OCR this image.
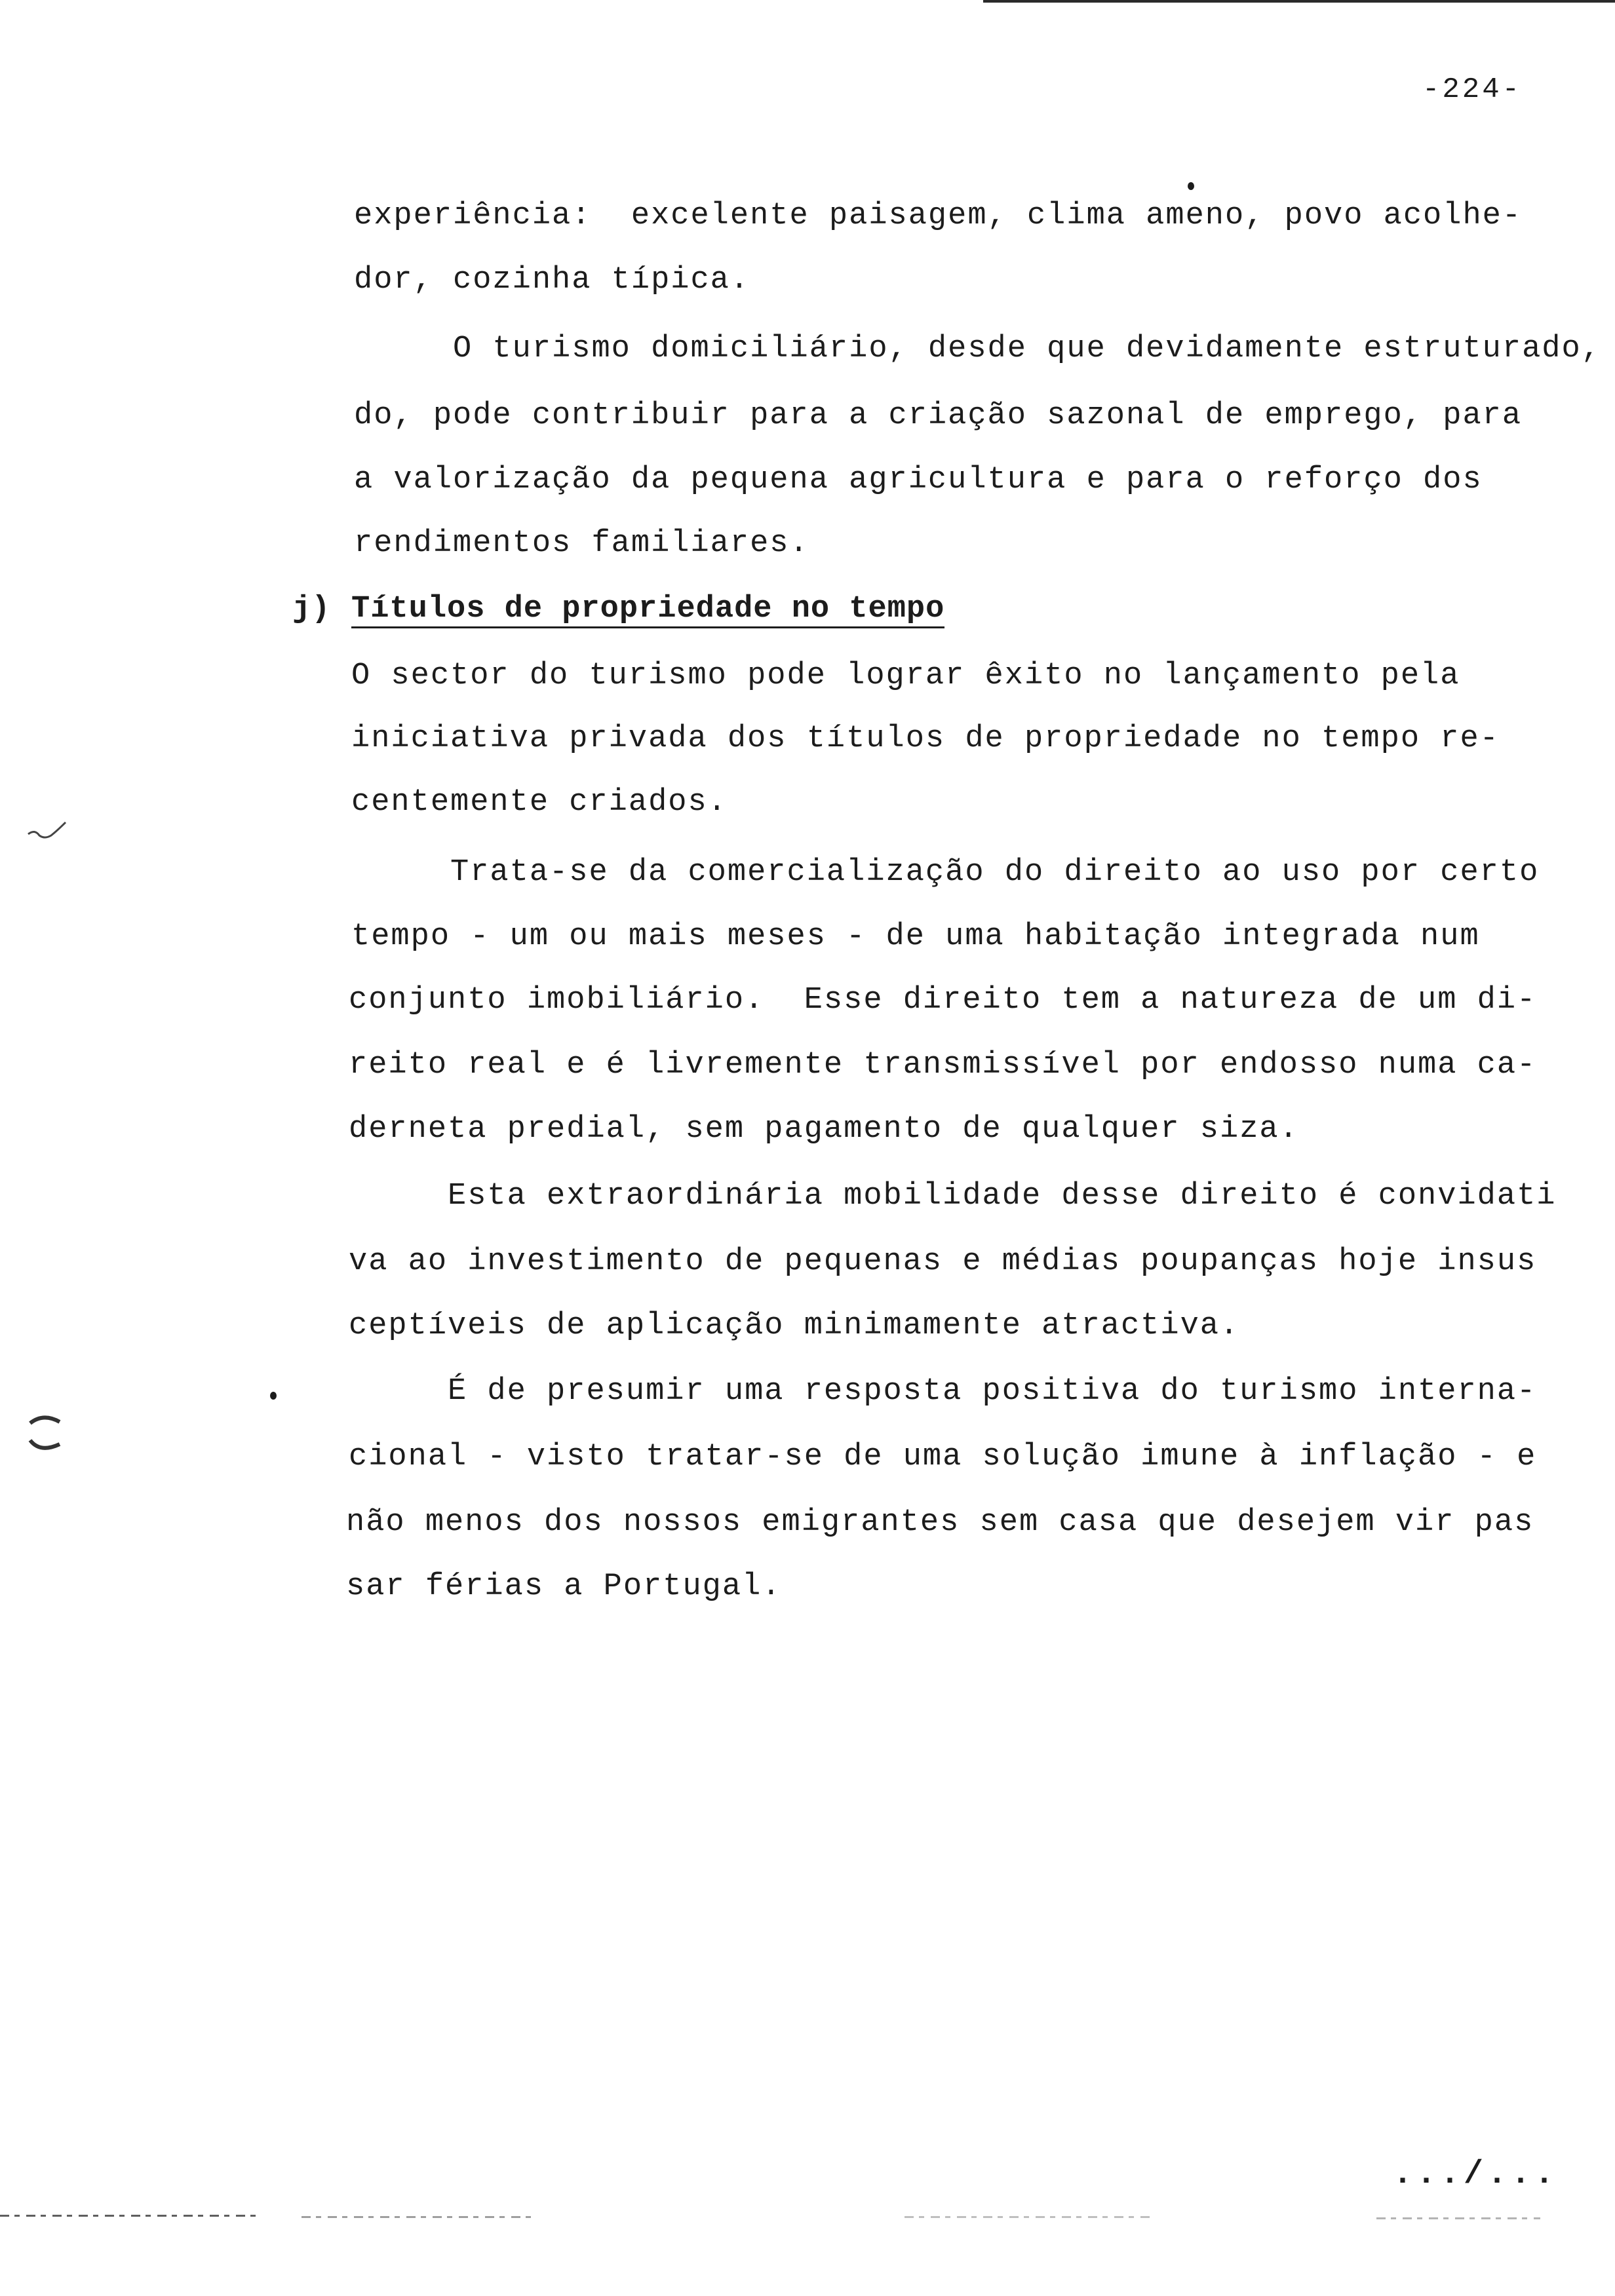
-224-
experiência:  excelente paisagem, clima ameno, povo acolhe-
dor, cozinha típica.
O turismo domiciliário, desde que devidamente estruturado,
do, pode contribuir para a criação sazonal de emprego, para
a valorização da pequena agricultura e para o reforço dos
rendimentos familiares.
j) Títulos de propriedade no tempo
O sector do turismo pode lograr êxito no lançamento pela
iniciativa privada dos títulos de propriedade no tempo re-
centemente criados.
Trata-se da comercialização do direito ao uso por certo
tempo - um ou mais meses - de uma habitação integrada num
conjunto imobiliário.  Esse direito tem a natureza de um di-
reito real e é livremente transmissível por endosso numa ca-
derneta predial, sem pagamento de qualquer siza.
Esta extraordinária mobilidade desse direito é convidati
va ao investimento de pequenas e médias poupanças hoje insus
ceptíveis de aplicação minimamente atractiva.
É de presumir uma resposta positiva do turismo interna-
cional - visto tratar-se de uma solução imune à inflação - e
não menos dos nossos emigrantes sem casa que desejem vir pas
sar férias a Portugal.
.../...
